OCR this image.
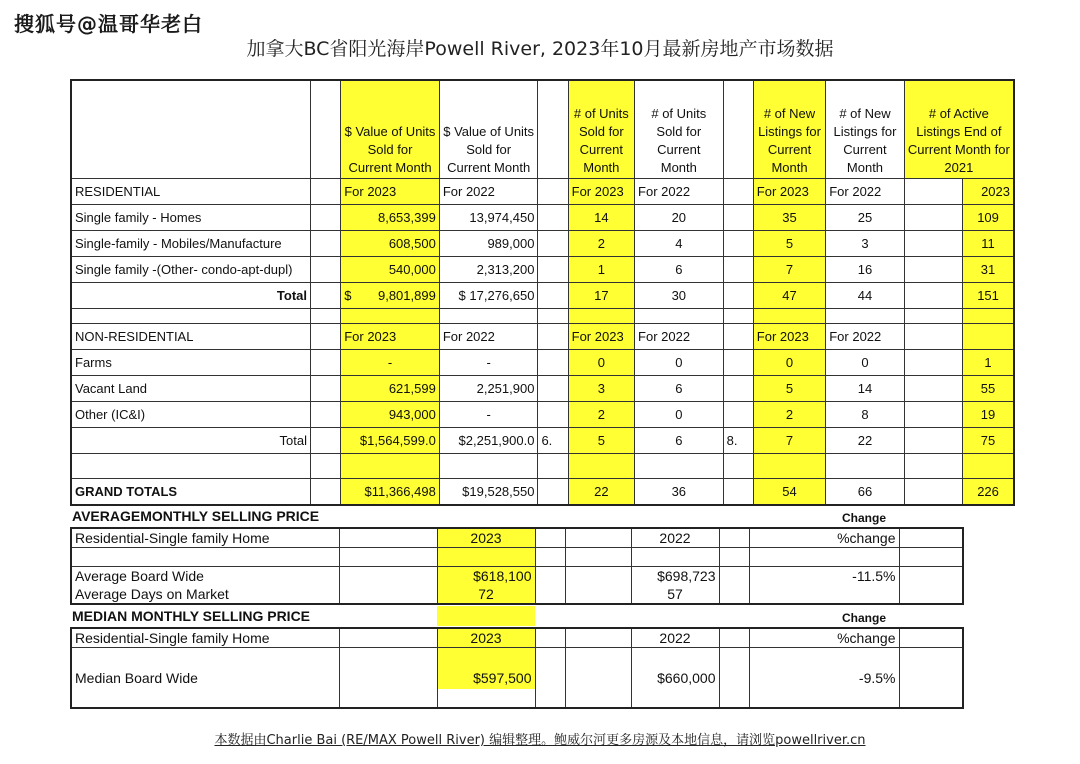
搜狐号@温哥华老白
加拿大BC省阳光海岸Powell River, 2023年10月最新房地产市场数据
		$ Value of Units Sold for Current Month	$ Value of Units Sold for Current Month		# of Units Sold for Current Month	# of Units Sold for Current Month		# of New Listings for Current Month	# of New Listings for Current Month	# of Active Listings End of Current Month for 2021	
RESIDENTIAL		For 2023	For 2022		For 2023	For 2022		For 2023	For 2022		2023
Single family - Homes		8,653,399	13,974,450		14	20		35	25		109
Single-family - Mobiles/Manufacture		608,500	989,000		2	4		5	3		11
Single family -(Other- condo-apt-dupl)		540,000	2,313,200		1	6		7	16		31
Total		$ 9,801,899	$ 17,276,650		17	30		47	44		151

NON-RESIDENTIAL		For 2023	For 2022		For 2023	For 2022		For 2023	For 2022		
Farms		-	-		0	0		0	0		1
Vacant Land		621,599	2,251,900		3	6		5	14		55
Other (IC&I)		943,000	-		2	0		2	8		19
Total		$1,564,599.0	$2,251,900.0	6.	5	6	8.	7	22		75

GRAND TOTALS		$11,366,498	$19,528,550		22	36		54	66		226
AVERAGEMONTHLY SELLING PRICE	Change
Residential-Single family Home		2023			2022		%change	

Average Board Wide		$618,100			$698,723		-11.5%	
Average Days on Market		72			57			
MEDIAN MONTHLY SELLING PRICE	Change
Residential-Single family Home		2023			2022		%change	
Median Board Wide		$597,500			$660,000		-9.5%	

本数据由Charlie Bai (RE/MAX Powell River) 编辑整理。鲍威尔河更多房源及本地信息，请浏览powellriver.cn
